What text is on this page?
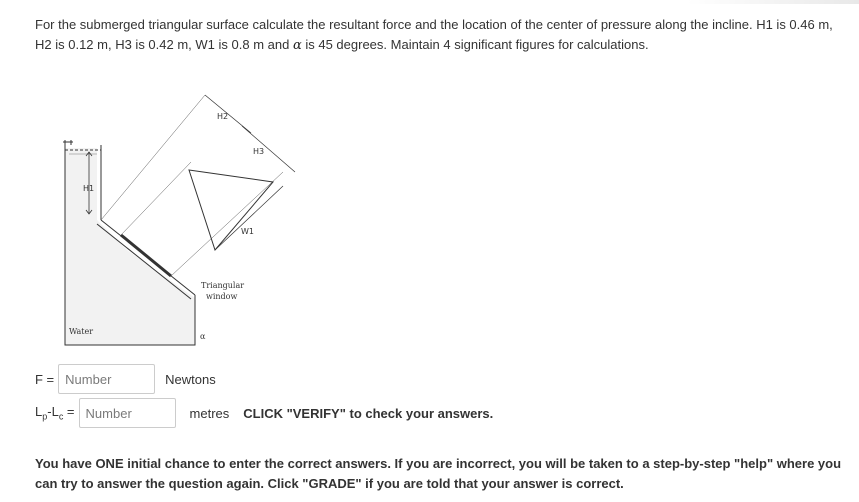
For the submerged triangular surface calculate the resultant force and the location of the center of pressure along the incline. H1 is 0.46 m, H2 is 0.12 m, H3 is 0.42 m, W1 is 0.8 m and α is 45 degrees. Maintain 4 significant figures for calculations.
H1
H2
H3
W1
Triangular
window
α
Water
F =
Number	Newtons
$L_p-L_c$ =
Number	metres CLICK "VERIFY" to check your answers.
You have ONE initial chance to enter the correct answers. If you are incorrect, you will be taken to a step-by-step "help" where you can try to answer the question again. Click "GRADE" if you are told that your answer is correct.
